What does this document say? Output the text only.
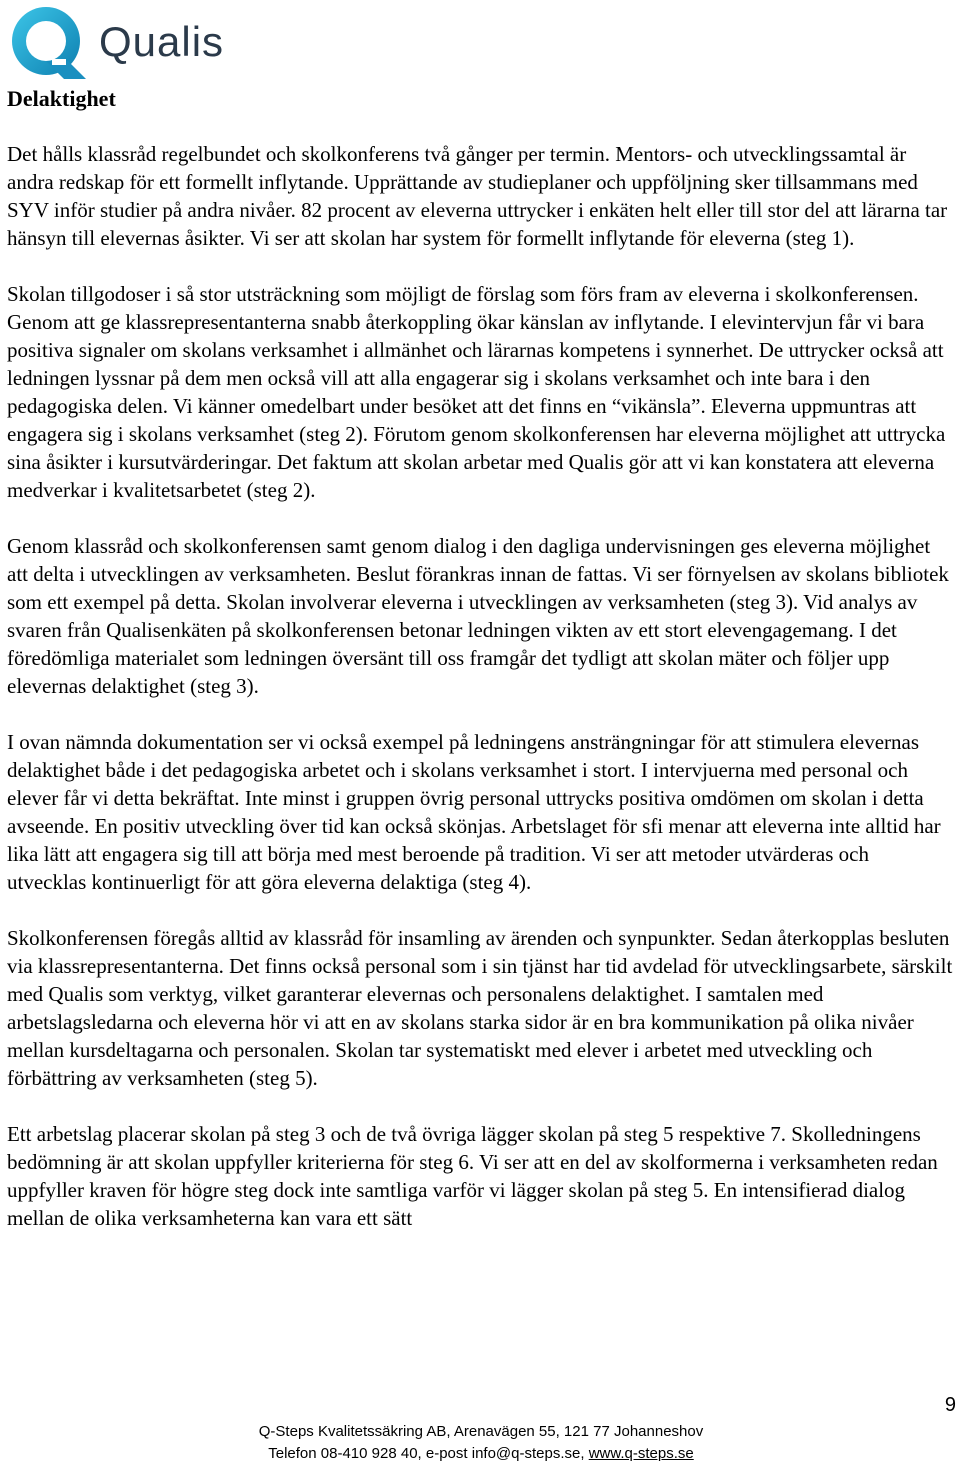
Qualis
Delaktighet

Det hålls klassråd regelbundet och skolkonferens två gånger per termin. Mentors- och utvecklingssamtal är andra redskap för ett formellt inflytande. Upprättande av studieplaner och uppföljning sker tillsammans med SYV inför studier på andra nivåer. 82 procent av eleverna uttrycker i enkäten helt eller till stor del att lärarna tar hänsyn till elevernas åsikter. Vi ser att skolan har system för formellt inflytande för eleverna (steg 1).

Skolan tillgodoser i så stor utsträckning som möjligt de förslag som förs fram av eleverna i skolkonferensen. Genom att ge klassrepresentanterna snabb återkoppling ökar känslan av inflytande. I elevintervjun får vi bara positiva signaler om skolans verksamhet i allmänhet och lärarnas kompetens i synnerhet. De uttrycker också att ledningen lyssnar på dem men också vill att alla engagerar sig i skolans verksamhet och inte bara i den pedagogiska delen. Vi känner omedelbart under besöket att det finns en “vikänsla”. Eleverna uppmuntras att engagera sig i skolans verksamhet (steg 2). Förutom genom skolkonferensen har eleverna möjlighet att uttrycka sina åsikter i kursutvärderingar. Det faktum att skolan arbetar med Qualis gör att vi kan konstatera att eleverna medverkar i kvalitetsarbetet (steg 2).

Genom klassråd och skolkonferensen samt genom dialog i den dagliga undervisningen ges eleverna möjlighet att delta i utvecklingen av verksamheten. Beslut förankras innan de fattas. Vi ser förnyelsen av skolans bibliotek som ett exempel på detta. Skolan involverar eleverna i utvecklingen av verksamheten (steg 3). Vid analys av svaren från Qualisenkäten på skolkonferensen betonar ledningen vikten av ett stort elevengagemang. I det föredömliga materialet som ledningen översänt till oss framgår det tydligt att skolan mäter och följer upp elevernas delaktighet (steg 3).

I ovan nämnda dokumentation ser vi också exempel på ledningens ansträngningar för att stimulera elevernas delaktighet både i det pedagogiska arbetet och i skolans verksamhet i stort. I intervjuerna med personal och elever får vi detta bekräftat. Inte minst i gruppen övrig personal uttrycks positiva omdömen om skolan i detta avseende. En positiv utveckling över tid kan också skönjas. Arbetslaget för sfi menar att eleverna inte alltid har lika lätt att engagera sig till att börja med mest beroende på tradition. Vi ser att metoder utvärderas och utvecklas kontinuerligt för att göra eleverna delaktiga (steg 4).

Skolkonferensen föregås alltid av klassråd för insamling av ärenden och synpunkter. Sedan återkopplas besluten via klassrepresentanterna. Det finns också personal som i sin tjänst har tid avdelad för utvecklingsarbete, särskilt med Qualis som verktyg, vilket garanterar elevernas och personalens delaktighet. I samtalen med arbetslagsledarna och eleverna hör vi att en av skolans starka sidor är en bra kommunikation på olika nivåer mellan kursdeltagarna och personalen. Skolan tar systematiskt med elever i arbetet med utveckling och förbättring av verksamheten (steg 5).

Ett arbetslag placerar skolan på steg 3 och de två övriga lägger skolan på steg 5 respektive 7. Skolledningens bedömning är att skolan uppfyller kriterierna för steg 6. Vi ser att en del av skolformerna i verksamheten redan uppfyller kraven för högre steg dock inte samtliga varför vi lägger skolan på steg 5. En intensifierad dialog mellan de olika verksamheterna kan vara ett sätt

9
Q-Steps Kvalitetssäkring AB, Arenavägen 55, 121 77 Johanneshov
Telefon 08-410 928 40, e-post info@q-steps.se, www.q-steps.se
